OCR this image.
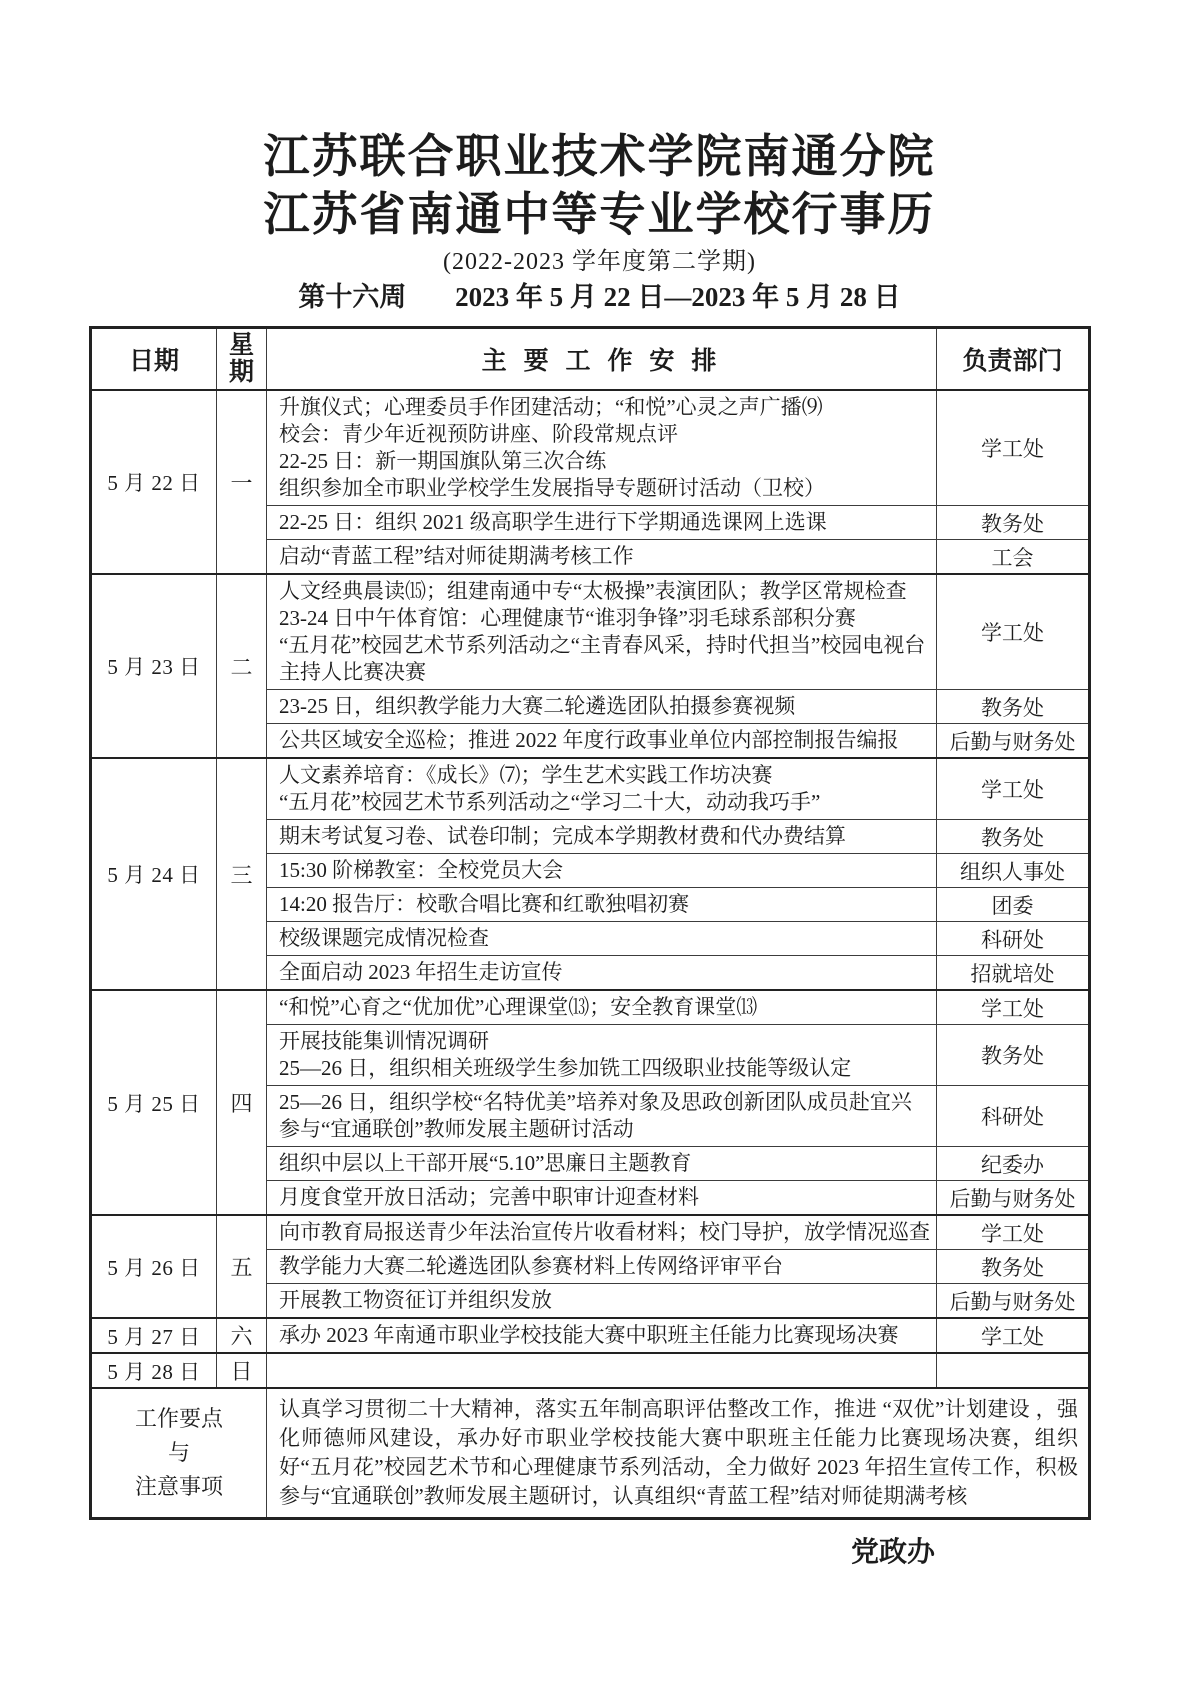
江苏联合职业技术学院南通分院
江苏省南通中等专业学校行事历
(2022-2023 学年度第二学期)
第十六周 2023 年 5 月 22 日—2023 年 5 月 28 日
日期	星期	主 要 工 作 安 排	负责部门
5 月 22 日	一	升旗仪式；心理委员手作团建活动；“和悦”心灵之声广播⑼
校会：青少年近视预防讲座、阶段常规点评
22-25 日：新一期国旗队第三次合练
组织参加全市职业学校学生发展指导专题研讨活动（卫校）	学工处

		22-25 日：组织 2021 级高职学生进行下学期通选课网上选课	教务处

		启动“青蓝工程”结对师徒期满考核工作	工会
5 月 23 日	二	人文经典晨读⒂；组建南通中专“太极操”表演团队；教学区常规检查
23-24 日中午体育馆：心理健康节“谁羽争锋”羽毛球系部积分赛
“五月花”校园艺术节系列活动之“主青春风采，持时代担当”校园电视台主持人比赛决赛	学工处

		23-25 日，组织教学能力大赛二轮遴选团队拍摄参赛视频	教务处

		公共区域安全巡检；推进 2022 年度行政事业单位内部控制报告编报	后勤与财务处
5 月 24 日	三	人文素养培育：《成长》⑺；学生艺术实践工作坊决赛
“五月花”校园艺术节系列活动之“学习二十大，动动我巧手”	学工处

		期末考试复习卷、试卷印制；完成本学期教材费和代办费结算	教务处

		15:30 阶梯教室：全校党员大会	组织人事处

		14:20 报告厅：校歌合唱比赛和红歌独唱初赛	团委

		校级课题完成情况检查	科研处

		全面启动 2023 年招生走访宣传	招就培处
5 月 25 日	四	“和悦”心育之“优加优”心理课堂⒀；安全教育课堂⒀	学工处

		开展技能集训情况调研
25—26 日，组织相关班级学生参加铣工四级职业技能等级认定	教务处

		25—26 日，组织学校“名特优美”培养对象及思政创新团队成员赴宜兴参与“宜通联创”教师发展主题研讨活动	科研处

		组织中层以上干部开展“5.10”思廉日主题教育	纪委办

		月度食堂开放日活动；完善中职审计迎查材料	后勤与财务处
5 月 26 日	五	向市教育局报送青少年法治宣传片收看材料；校门导护，放学情况巡查	学工处

		教学能力大赛二轮遴选团队参赛材料上传网络评审平台	教务处

		开展教工物资征订并组织发放	后勤与财务处
5 月 27 日	六	承办 2023 年南通市职业学校技能大赛中职班主任能力比赛现场决赛	学工处
5 月 28 日	日	

工作要点
与
注意事项		认真学习贯彻二十大精神，落实五年制高职评估整改工作，推进 “双优”计划建设 ，强化师德师风建设，承办好市职业学校技能大赛中职班主任能力比赛现场决赛，组织好“五月花”校园艺术节和心理健康节系列活动，全力做好 2023 年招生宣传工作，积极参与“宜通联创”教师发展主题研讨，认真组织“青蓝工程”结对师徒期满考核	
党政办
